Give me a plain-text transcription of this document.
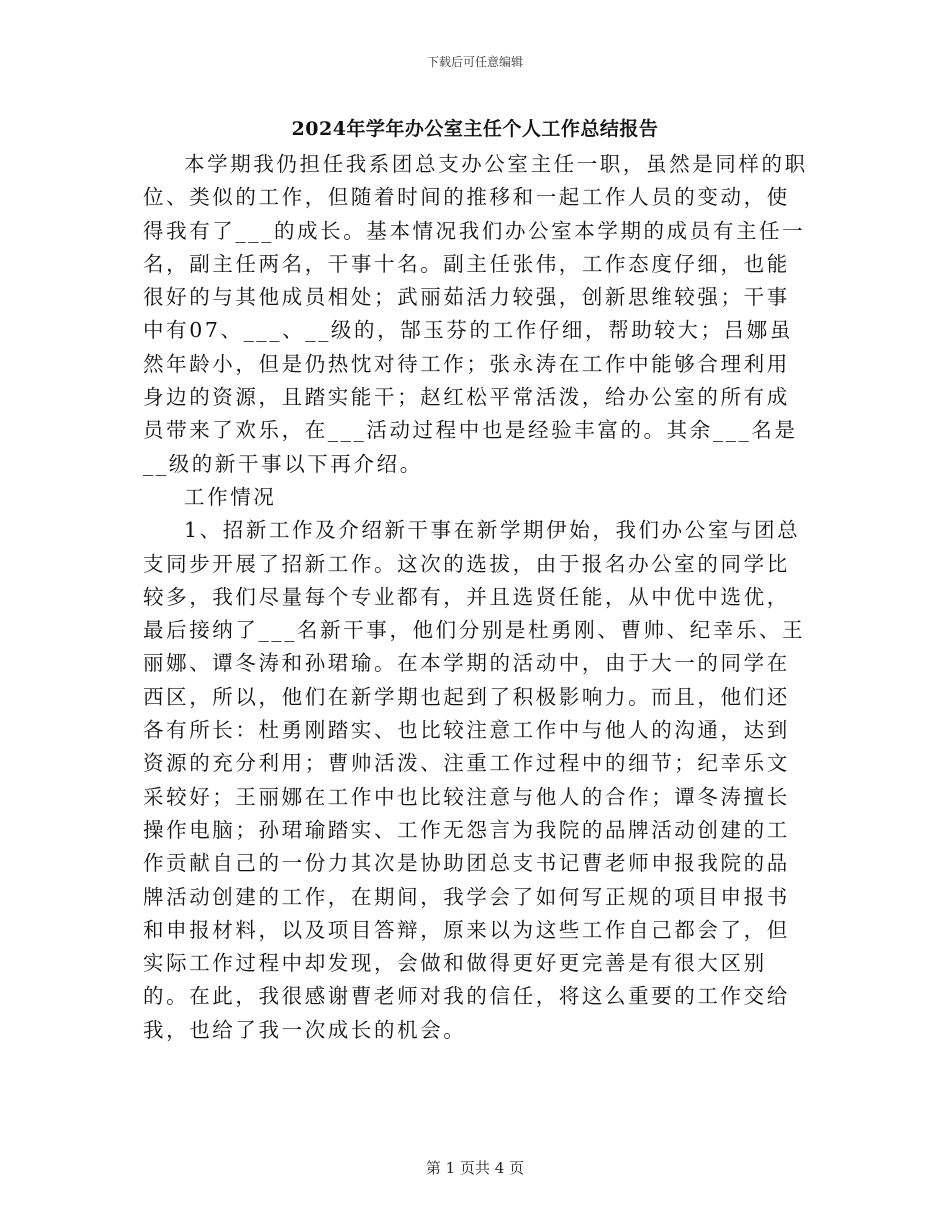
下载后可任意编辑
2024年学年办公室主任个人工作总结报告

本学期我仍担任我系团总支办公室主任一职，虽然是同样的职位、类似的工作，但随着时间的推移和一起工作人员的变动，使得我有了___的成长。基本情况我们办公室本学期的成员有主任一名，副主任两名，干事十名。副主任张伟，工作态度仔细，也能很好的与其他成员相处；武丽茹活力较强，创新思维较强；干事中有07、___、__级的，郜玉芬的工作仔细，帮助较大；吕娜虽然年龄小，但是仍热忱对待工作；张永涛在工作中能够合理利用身边的资源，且踏实能干；赵红松平常活泼，给办公室的所有成员带来了欢乐，在___活动过程中也是经验丰富的。其余___名是__级的新干事以下再介绍。

工作情况

1、招新工作及介绍新干事在新学期伊始，我们办公室与团总支同步开展了招新工作。这次的选拔，由于报名办公室的同学比较多，我们尽量每个专业都有，并且选贤任能，从中优中选优，最后接纳了___名新干事，他们分别是杜勇刚、曹帅、纪幸乐、王丽娜、谭冬涛和孙珺瑜。在本学期的活动中，由于大一的同学在西区，所以，他们在新学期也起到了积极影响力。而且，他们还各有所长：杜勇刚踏实、也比较注意工作中与他人的沟通，达到资源的充分利用；曹帅活泼、注重工作过程中的细节；纪幸乐文采较好；王丽娜在工作中也比较注意与他人的合作；谭冬涛擅长操作电脑；孙珺瑜踏实、工作无怨言为我院的品牌活动创建的工作贡献自己的一份力其次是协助团总支书记曹老师申报我院的品牌活动创建的工作，在期间，我学会了如何写正规的项目申报书和申报材料，以及项目答辩，原来以为这些工作自己都会了，但实际工作过程中却发现，会做和做得更好更完善是有很大区别的。在此，我很感谢曹老师对我的信任，将这么重要的工作交给我，也给了我一次成长的机会。

第 1 页共 4 页
